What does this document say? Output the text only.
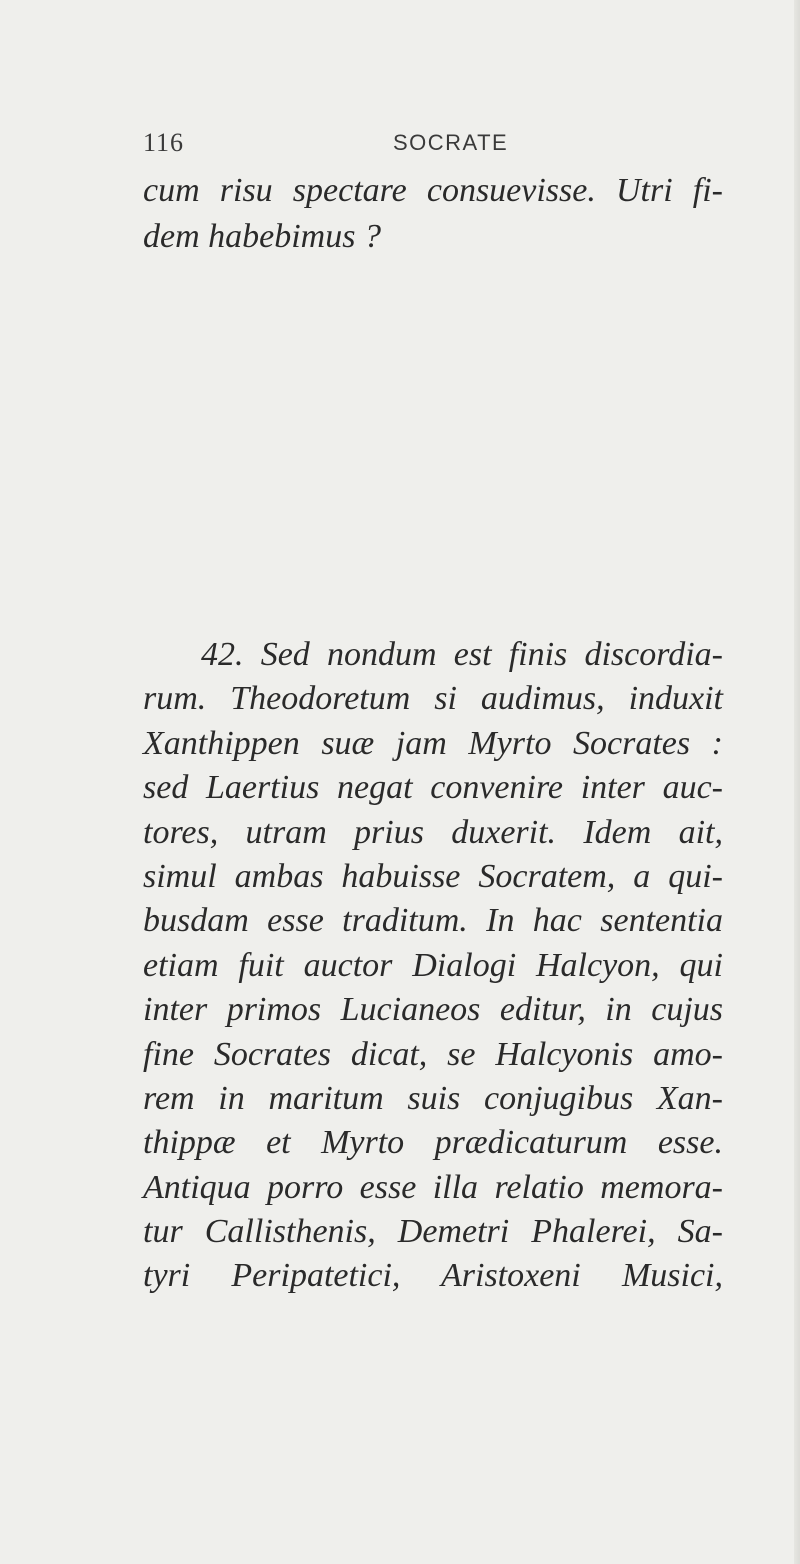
116	SOCRATE
cum risu spectare consuevisse. Utri fi-
dem habebimus ?
42. Sed nondum est finis discordia-
rum. Theodoretum si audimus, induxit
Xanthippen suæ jam Myrto Socrates :
sed Laertius negat convenire inter auc-
tores, utram prius duxerit. Idem ait,
simul ambas habuisse Socratem, a qui-
busdam esse traditum. In hac sententia
etiam fuit auctor Dialogi Halcyon, qui
inter primos Lucianeos editur, in cujus
fine Socrates dicat, se Halcyonis amo-
rem in maritum suis conjugibus Xan-
thippæ et Myrto prædicaturum esse.
Antiqua porro esse illa relatio memora-
tur Callisthenis, Demetri Phalerei, Sa-
tyri Peripatetici, Aristoxeni Musici,
